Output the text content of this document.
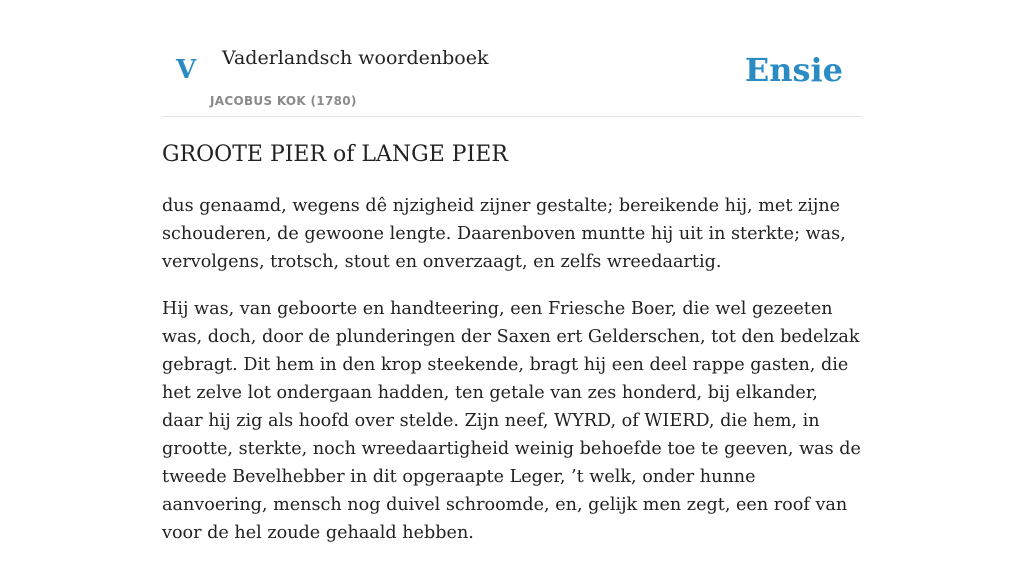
V Vaderlandsch woordenboek
JACOBUS KOK (1780)
Ensie
GROOTE PIER of LANGE PIER

dus genaamd, wegens dê njzigheid zijner gestalte; bereikende hij, met zijne schouderen, de gewoone lengte. Daarenboven muntte hij uit in sterkte; was, vervolgens, trotsch, stout en onverzaagt, en zelfs wreedaartig.

Hij was, van geboorte en handteering, een Friesche Boer, die wel gezeeten was, doch, door de plunderingen der Saxen ert Gelderschen, tot den bedelzak gebragt. Dit hem in den krop steekende, bragt hij een deel rappe gasten, die het zelve lot ondergaan hadden, ten getale van zes honderd, bij elkander, daar hij zig als hoofd over stelde. Zijn neef, WYRD, of WIERD, die hem, in grootte, sterkte, noch wreedaartigheid weinig behoefde toe te geeven, was de tweede Bevelhebber in dit opgeraapte Leger, ’t welk, onder hunne aanvoering, mensch nog duivel schroomde, en, gelijk men zegt, een roof van voor de hel zoude gehaald hebben.
